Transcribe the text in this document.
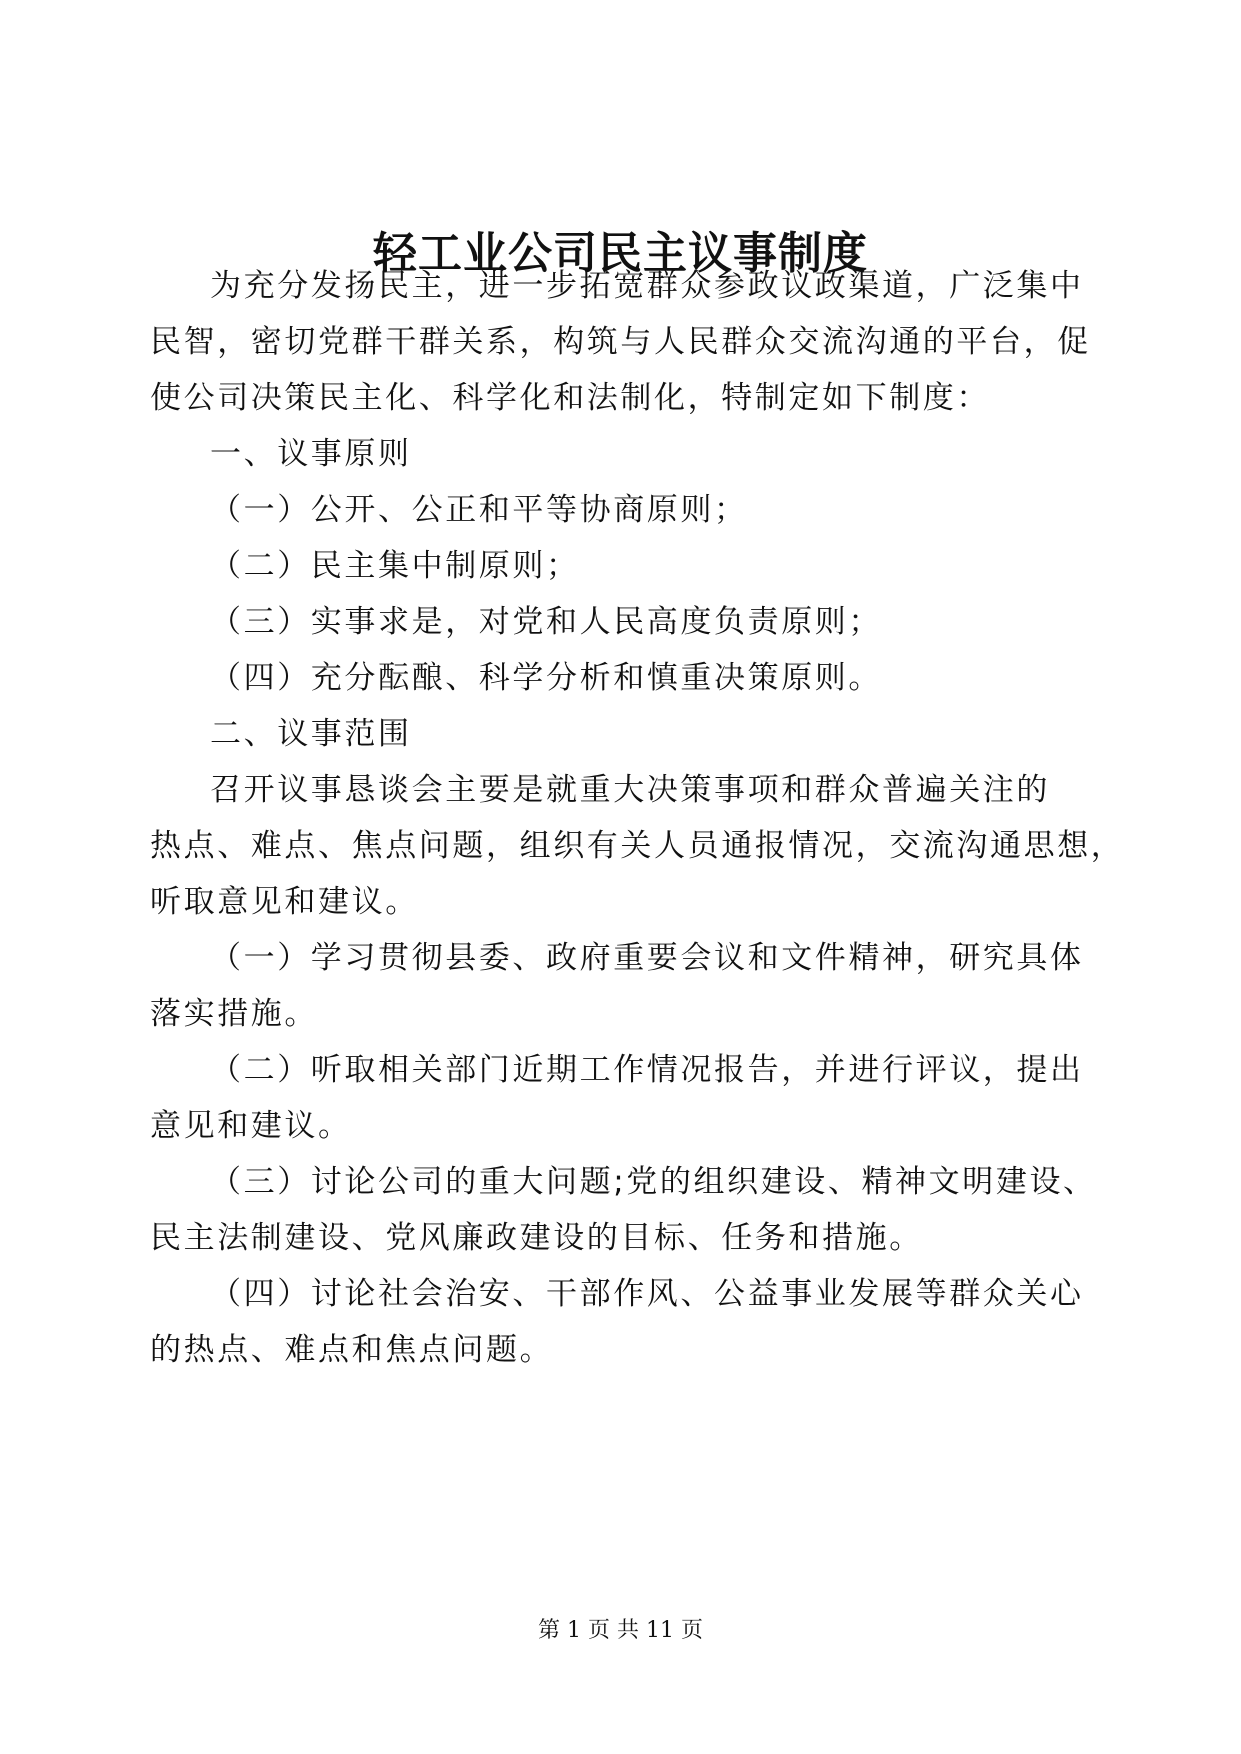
轻工业公司民主议事制度
为充分发扬民主，进一步拓宽群众参政议政渠道，广泛集中
民智，密切党群干群关系，构筑与人民群众交流沟通的平台，促
使公司决策民主化、科学化和法制化，特制定如下制度：
一、议事原则
（一）公开、公正和平等协商原则；
（二）民主集中制原则；
（三）实事求是，对党和人民高度负责原则；
（四）充分酝酿、科学分析和慎重决策原则。
二、议事范围
召开议事恳谈会主要是就重大决策事项和群众普遍关注的
热点、难点、焦点问题，组织有关人员通报情况，交流沟通思想，
听取意见和建议。
（一）学习贯彻县委、政府重要会议和文件精神，研究具体
落实措施。
（二）听取相关部门近期工作情况报告，并进行评议，提出
意见和建议。
（三）讨论公司的重大问题;党的组织建设、精神文明建设、
民主法制建设、党风廉政建设的目标、任务和措施。
（四）讨论社会治安、干部作风、公益事业发展等群众关心
的热点、难点和焦点问题。
第 1 页 共 11 页
